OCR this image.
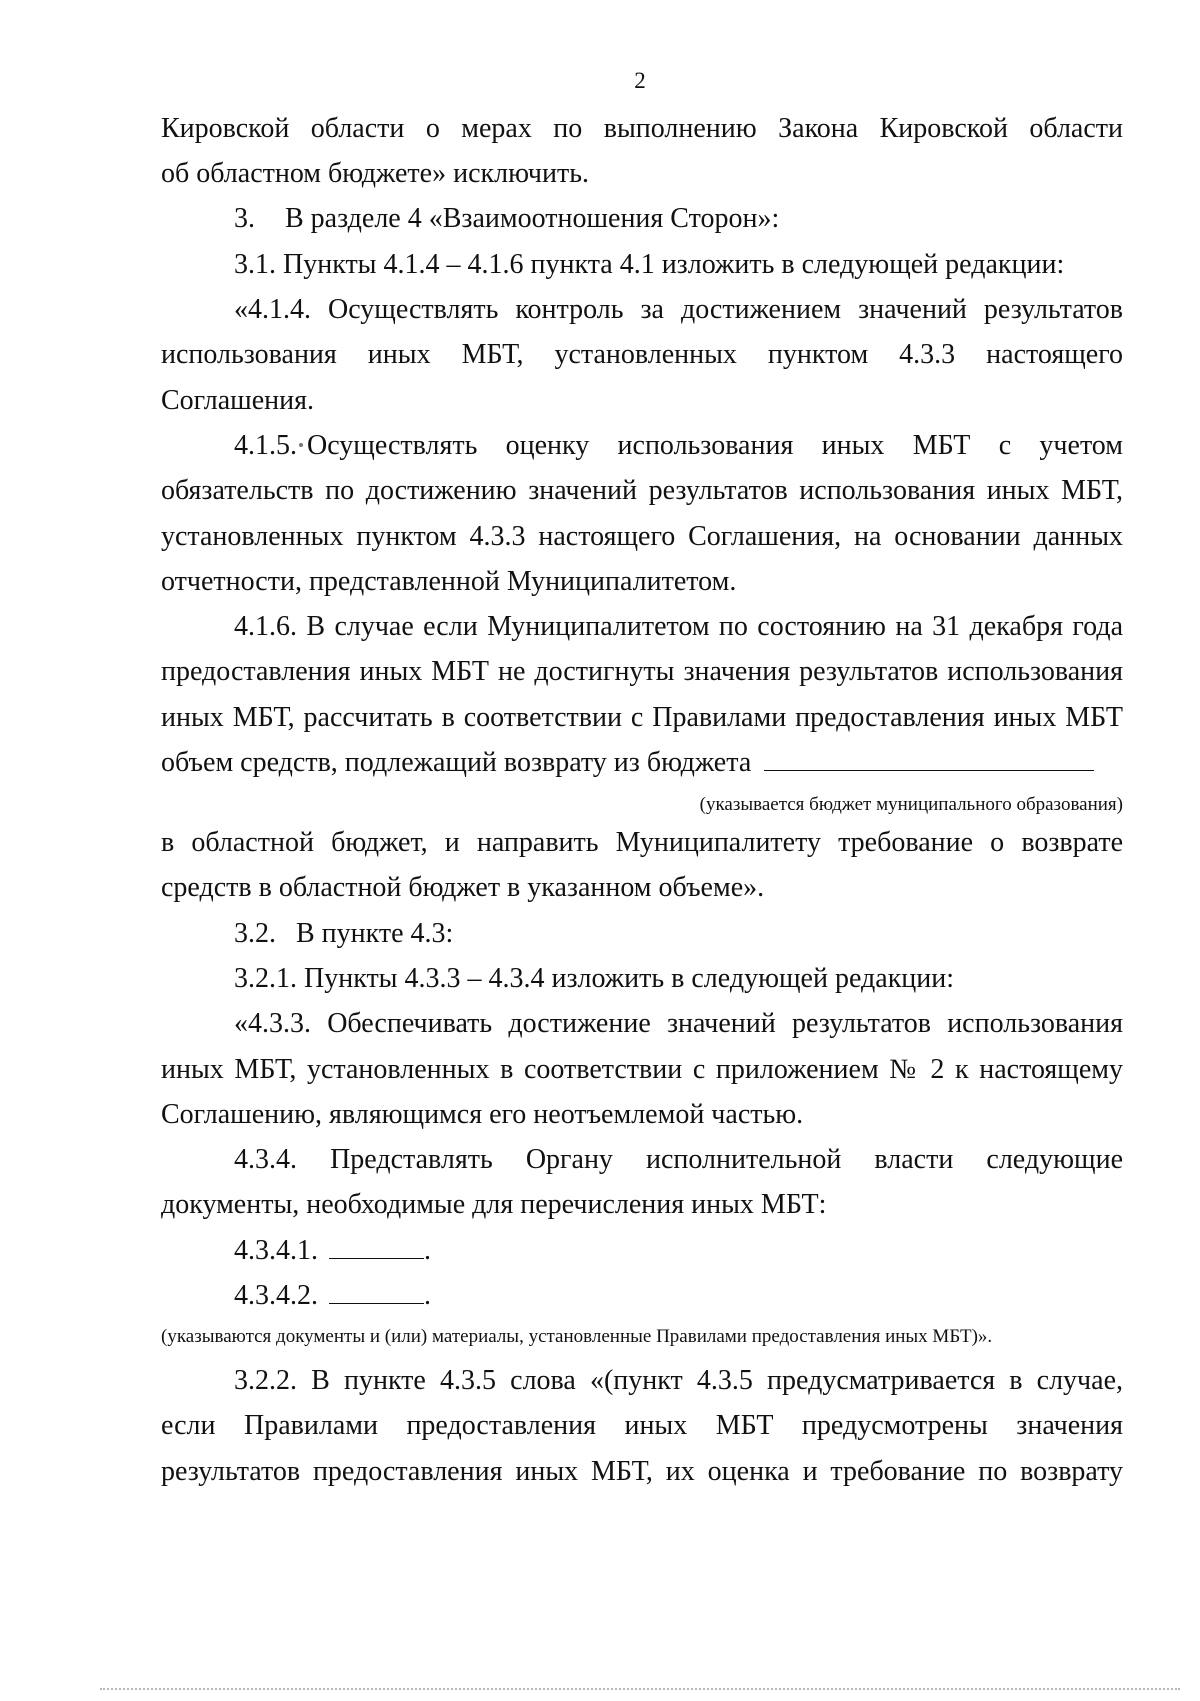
2
Кировской области о мерах по выполнению Закона Кировской области
об областном бюджете» исключить.
3. В разделе 4 «Взаимоотношения Сторон»:
3.1. Пункты 4.1.4 – 4.1.6 пункта 4.1 изложить в следующей редакции:
«4.1.4. Осуществлять контроль за достижением значений результатов
использования иных МБТ, установленных пунктом 4.3.3 настоящего
Соглашения.
4.1.5. Осуществлять оценку использования иных МБТ с учетом
обязательств по достижению значений результатов использования иных МБТ,
установленных пунктом 4.3.3 настоящего Соглашения, на основании данных
отчетности, представленной Муниципалитетом.
4.1.6. В случае если Муниципалитетом по состоянию на 31 декабря года
предоставления иных МБТ не достигнуты значения результатов использования
иных МБТ, рассчитать в соответствии с Правилами предоставления иных МБТ
объем средств, подлежащий возврату из бюджета
(указывается бюджет муниципального образования)
в областной бюджет, и направить Муниципалитету требование о возврате
средств в областной бюджет в указанном объеме».
3.2. В пункте 4.3:
3.2.1. Пункты 4.3.3 – 4.3.4 изложить в следующей редакции:
«4.3.3. Обеспечивать достижение значений результатов использования
иных МБТ, установленных в соответствии с приложением № 2 к настоящему
Соглашению, являющимся его неотъемлемой частью.
4.3.4. Представлять Органу исполнительной власти следующие
документы, необходимые для перечисления иных МБТ:
4.3.4.1.	.
4.3.4.2.	.
(указываются документы и (или) материалы, установленные Правилами предоставления иных МБТ)».
3.2.2. В пункте 4.3.5 слова «(пункт 4.3.5 предусматривается в случае,
если Правилами предоставления иных МБТ предусмотрены значения
результатов предоставления иных МБТ, их оценка и требование по возврату
